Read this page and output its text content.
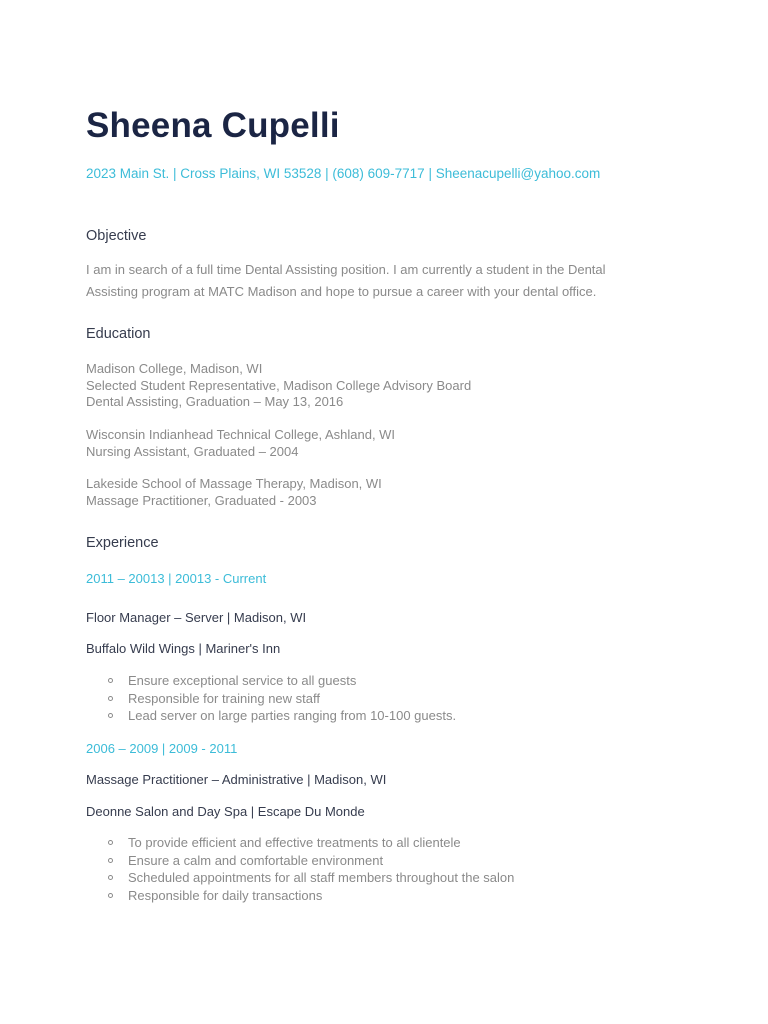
Sheena Cupelli
2023 Main St. | Cross Plains, WI 53528 | (608) 609-7717 | Sheenacupelli@yahoo.com
Objective
I am in search of a full time Dental Assisting position. I am currently a student in the Dental
Assisting program at MATC Madison and hope to pursue a career with your dental office.
Education
Madison College, Madison, WI
Selected Student Representative, Madison College Advisory Board
Dental Assisting, Graduation – May 13, 2016
Wisconsin Indianhead Technical College, Ashland, WI
Nursing Assistant, Graduated – 2004
Lakeside School of Massage Therapy, Madison, WI
Massage Practitioner, Graduated - 2003
Experience
2011 – 20013 | 20013 - Current
Floor Manager – Server | Madison, WI
Buffalo Wild Wings | Mariner's Inn
Ensure exceptional service to all guests
Responsible for training new staff
Lead server on large parties ranging from 10-100 guests.
2006 – 2009 | 2009 - 2011
Massage Practitioner – Administrative | Madison, WI
Deonne Salon and Day Spa | Escape Du Monde
To provide efficient and effective treatments to all clientele
Ensure a calm and comfortable environment
Scheduled appointments for all staff members throughout the salon
Responsible for daily transactions
